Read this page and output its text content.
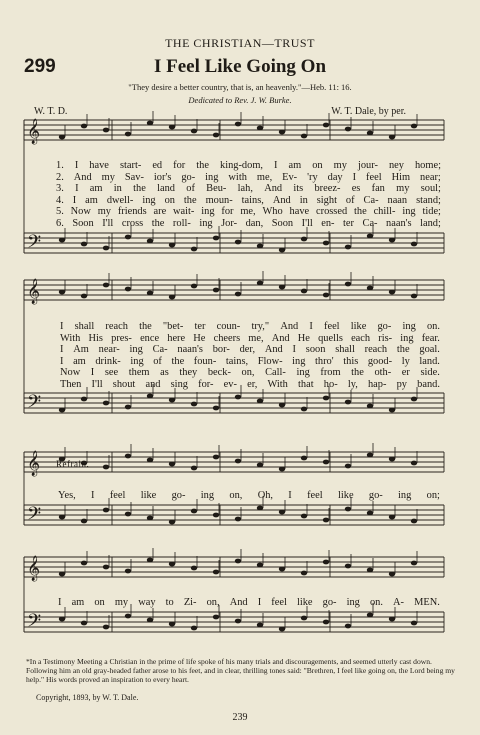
THE CHRISTIAN—TRUST
299	I Feel Like Going On
"They desire a better country, that is, an heavenly."—Heb. 11: 16.
Dedicated to Rev. J. W. Burke.
W. T. D.	W. T. Dale, by per.
𝄞
𝄢
𝄞
𝄢
𝄞
𝄢
𝄞
𝄢
1. I have start- ed for the king-dom, I am on my jour- ney home;
2. And my Sav- ior's go- ing with me, Ev- 'ry day I feel Him near;
3. I am in the land of Beu- lah, And its breez- es fan my soul;
4. I am dwell- ing on the moun- tains, And in sight of Ca- naan stand;
5. Now my friends are wait- ing for me, Who have crossed the chill- ing tide;
6. Soon I'll cross the roll- ing Jor- dan, Soon I'll en- ter Ca- naan's land;
I shall reach the "bet- ter coun- try," And I feel like go- ing on.
With His pres- ence here He cheers me, And He quells each ris- ing fear.
I Am near- ing Ca- naan's bor- der, And I soon shall reach the goal.
I am drink- ing of the foun- tains, Flow- ing thro' this good- ly land.
Now I see them as they beck- on, Call- ing from the oth- er side.
Then I'll shout and sing for- ev- er, With that ho- ly, hap- py band.
Refrain.
Yes, I feel like go- ing on, Oh, I feel like go- ing on;
I am on my way to Zi- on, And I feel like go- ing on. A- MEN.
*In a Testimony Meeting a Christian in the prime of life spoke of his many trials and discouragements, and seemed utterly cast down. Following him an old gray-headed father arose to his feet, and in clear, thrilling tones said: "Brethren, I feel like going on, the Lord being my help." His words proved an inspiration to every heart.
Copyright, 1893, by W. T. Dale.
239
